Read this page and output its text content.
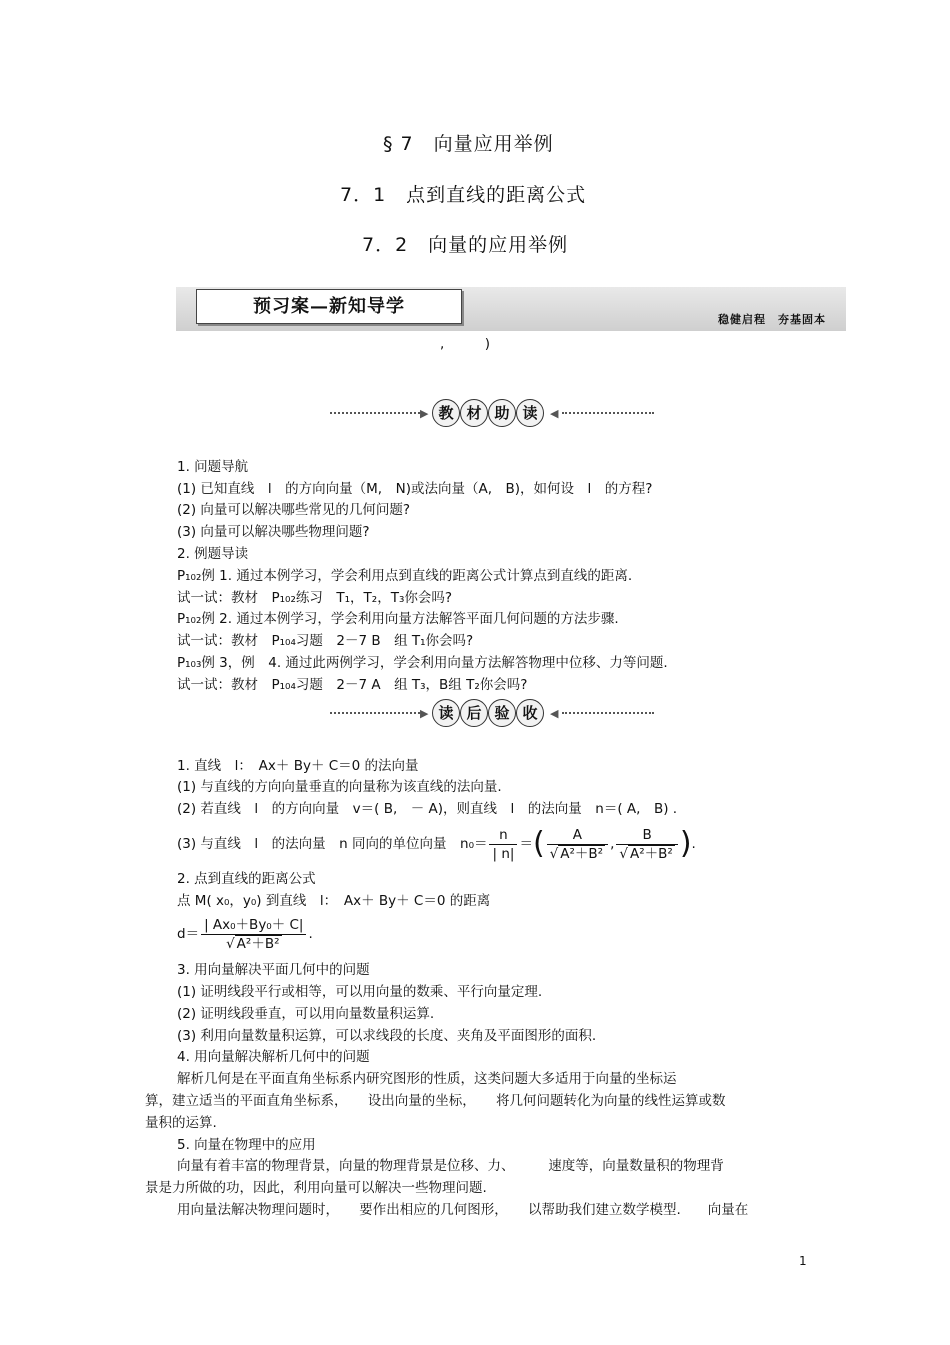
§ 7　向量应用举例
7．1　点到直线的距离公式
7．2　向量的应用举例
预习案—新知导学
稳健启程　夯基固本
,　　　)
▶ 教 材 助 读	◀
1. 问题导航
(1) 已知直线　l　的方向向量（M,　N)或法向量（A,　B)，如何设　l　的方程?
(2) 向量可以解决哪些常见的几何问题?
(3) 向量可以解决哪些物理问题?
2. 例题导读
P₁₀₂例 1. 通过本例学习，学会利用点到直线的距离公式计算点到直线的距离.
试一试：教材　P₁₀₂练习　T₁，T₂，T₃你会吗?
P₁₀₂例 2. 通过本例学习，学会利用向量方法解答平面几何问题的方法步骤.
试一试：教材　P₁₀₄习题　2－7 B　组 T₁你会吗?
P₁₀₃例 3，例　4. 通过此两例学习，学会利用向量方法解答物理中位移、力等问题.
试一试：教材　P₁₀₄习题　2－7 A　组 T₃，B组 T₂你会吗?
▶ 读 后 验 收	◀
1. 直线　l：　Ax＋ By＋ C＝0 的法向量
(1) 与直线的方向向量垂直的向量称为该直线的法向量.
(2) 若直线　l　的方向向量　v＝( B,　－ A)，则直线　l　的法向量　n＝( A,　B) .
(3) 与直线　l　的法向量　n 同向的单位向量　$n_0= \frac{n}{| n|}$ ＝ ( $\frac{A}{\text{√ A²＋B²}}$ , $\frac{B}{\text{√ A²＋B²}}$ ) .
2. 点到直线的距离公式
点 M( x₀，y₀) 到直线　l：　Ax＋ By＋ C＝0 的距离
$d= \frac{\text{| Ax₀＋By₀＋ C|}}{\text{√ A²＋B²}}$ .
3. 用向量解决平面几何中的问题
(1) 证明线段平行或相等，可以用向量的数乘、平行向量定理.
(2) 证明线段垂直，可以用向量数量积运算.
(3) 利用向量数量积运算，可以求线段的长度、夹角及平面图形的面积.
4. 用向量解决解析几何中的问题
解析几何是在平面直角坐标系内研究图形的性质，这类问题大多适用于向量的坐标运
算，建立适当的平面直角坐标系，　　设出向量的坐标，　　将几何问题转化为向量的线性运算或数
量积的运算.
5. 向量在物理中的应用
向量有着丰富的物理背景，向量的物理背景是位移、力、　　　速度等，向量数量积的物理背
景是力所做的功，因此，利用向量可以解决一些物理问题.
用向量法解决物理问题时，　　要作出相应的几何图形，　　以帮助我们建立数学模型.　　向量在
1
